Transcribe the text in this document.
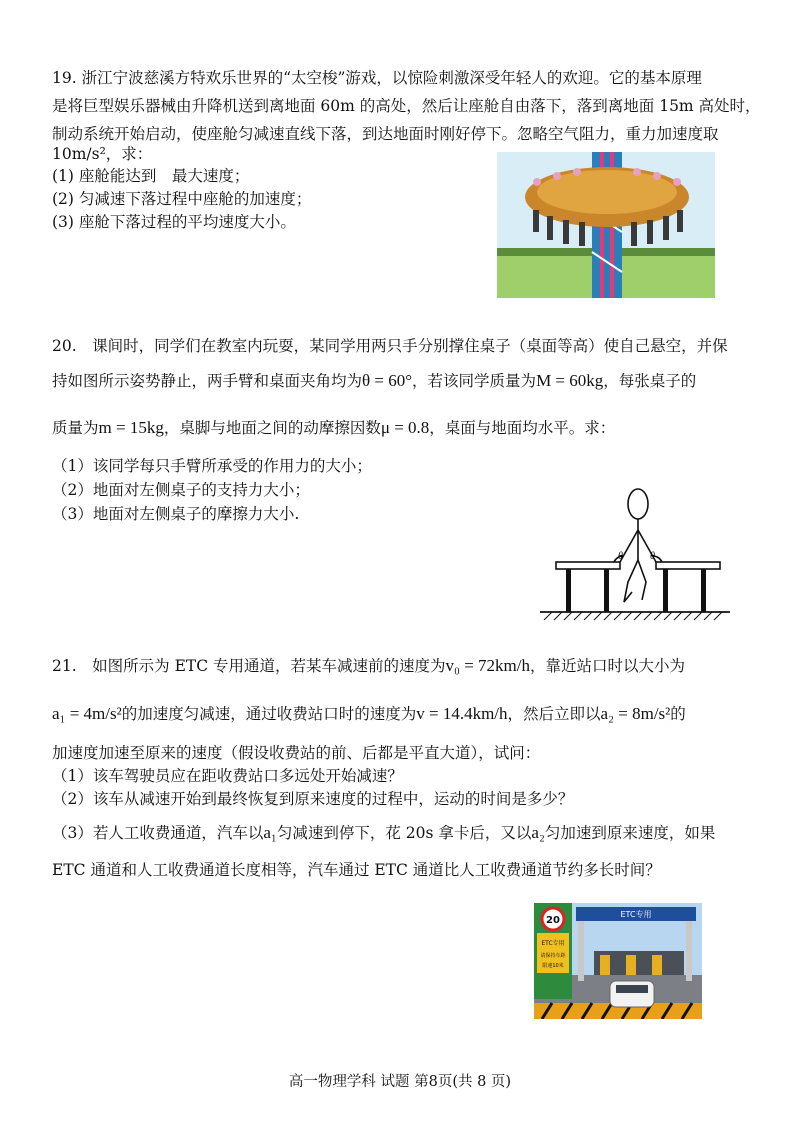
19. 浙江宁波慈溪方特欢乐世界的“太空梭”游戏，以惊险刺激深受年轻人的欢迎。它的基本原理
是将巨型娱乐器械由升降机送到离地面 60m 的高处，然后让座舱自由落下，落到离地面 15m 高处时，
制动系统开始启动，使座舱匀减速直线下落，到达地面时刚好停下。忽略空气阻力，重力加速度取
10m/s²，求：
(1) 座舱能达到　最大速度；
(2) 匀减速下落过程中座舱的加速度；
(3) 座舱下落过程的平均速度大小。
20.　课间时，同学们在教室内玩耍，某同学用两只手分别撑住桌子（桌面等高）使自己悬空，并保
持如图所示姿势静止，两手臂和桌面夹角均为θ = 60°，若该同学质量为M = 60kg，每张桌子的
质量为m = 15kg，桌脚与地面之间的动摩擦因数μ = 0.8，桌面与地面均水平。求：
（1）该同学每只手臂所承受的作用力的大小；
（2）地面对左侧桌子的支持力大小；
（3）地面对左侧桌子的摩擦力大小.
θ	θ
21.　如图所示为 ETC 专用通道，若某车减速前的速度为v₀ = 72km/h，靠近站口时以大小为
a₁ = 4m/s²的加速度匀减速，通过收费站口时的速度为v = 14.4km/h，然后立即以a₂ = 8m/s²的
加速度加速至原来的速度（假设收费站的前、后都是平直大道），试问：
（1）该车驾驶员应在距收费站口多远处开始减速？
（2）该车从减速开始到最终恢复到原来速度的过程中，运动的时间是多少？
（3）若人工收费通道，汽车以a₁匀减速到停下，花 20s 拿卡后，又以a₂匀加速到原来速度，如果
ETC 通道和人工收费通道长度相等，汽车通过 ETC 通道比人工收费通道节约多长时间？
ETC专用
20
ETC专用
请保持车距
限速10米
高一物理学科 试题 第8页(共 8 页)
